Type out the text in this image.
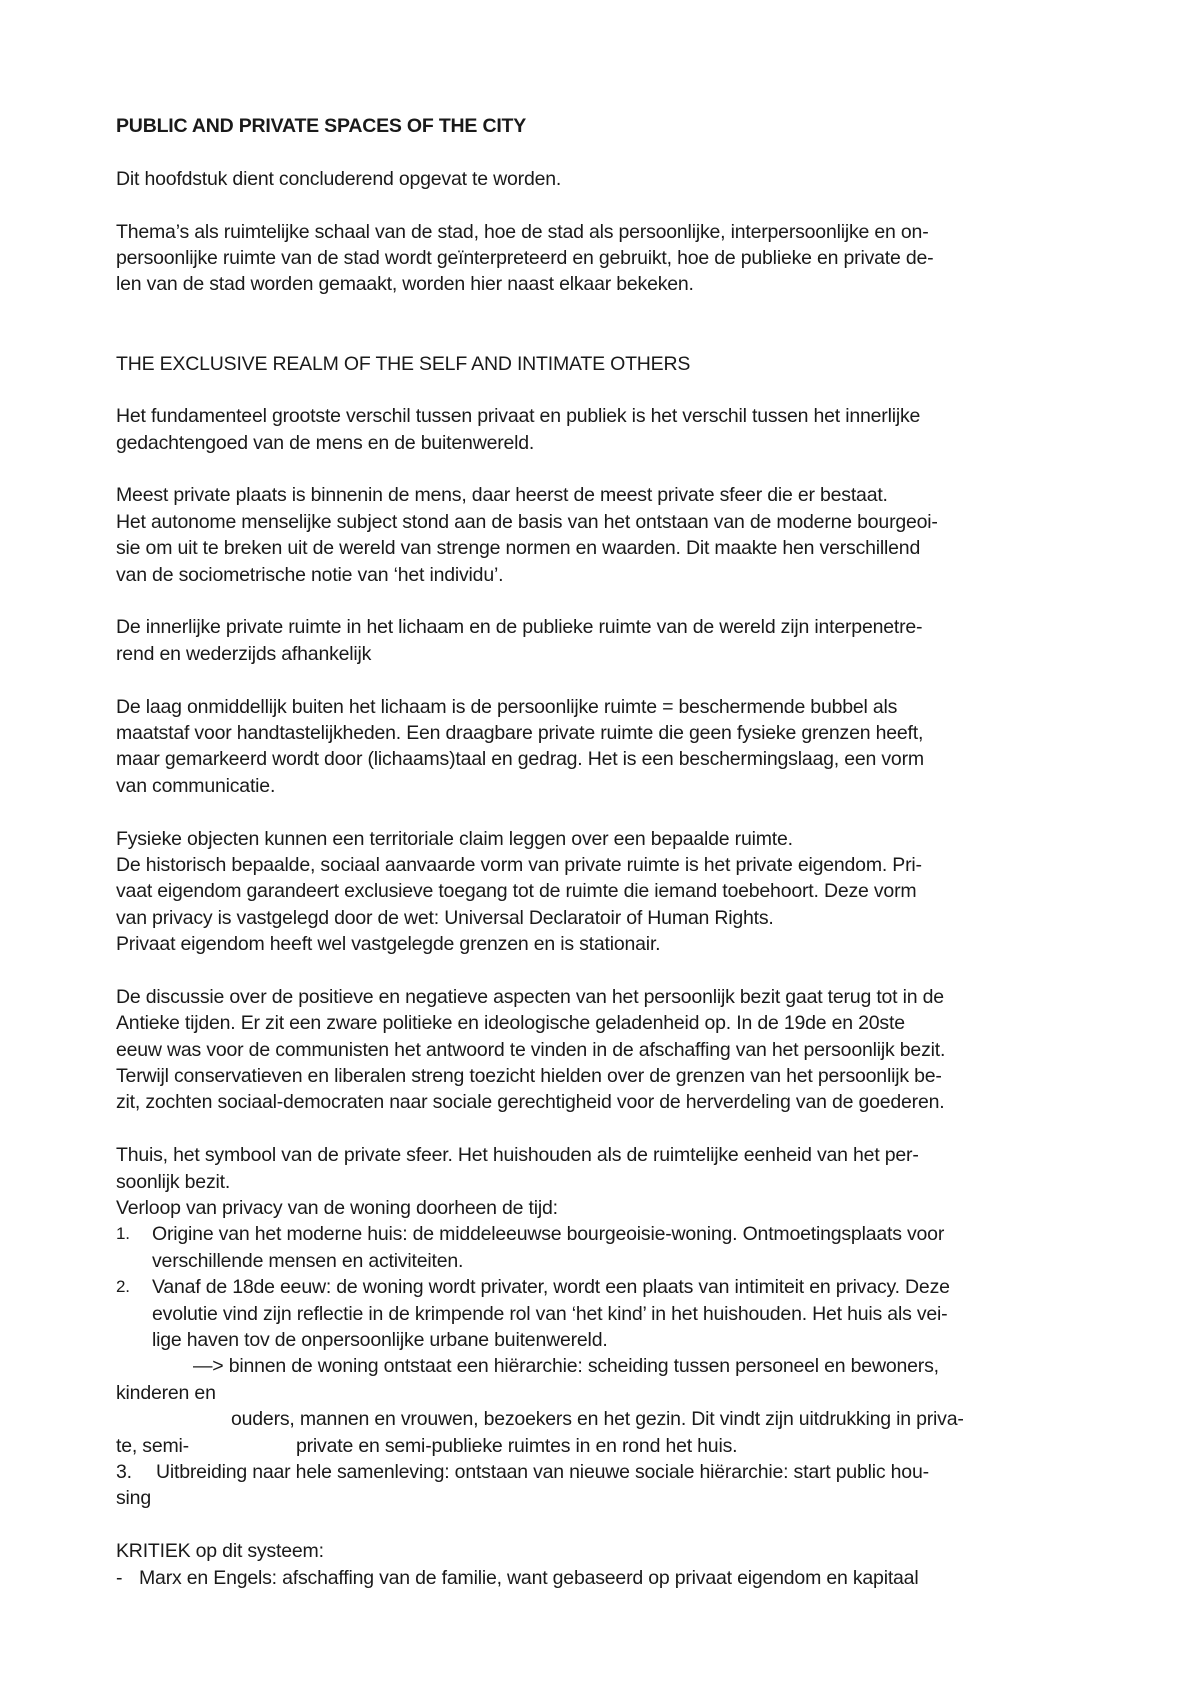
PUBLIC AND PRIVATE SPACES OF THE CITY
Dit hoofdstuk dient concluderend opgevat te worden.
Thema’s als ruimtelijke schaal van de stad, hoe de stad als persoonlijke, interpersoonlijke en on-
persoonlijke ruimte van de stad wordt geïnterpreteerd en gebruikt, hoe de publieke en private de-
len van de stad worden gemaakt, worden hier naast elkaar bekeken.
THE EXCLUSIVE REALM OF THE SELF AND INTIMATE OTHERS
Het fundamenteel grootste verschil tussen privaat en publiek is het verschil tussen het innerlijke
gedachtengoed van de mens en de buitenwereld.
Meest private plaats is binnenin de mens, daar heerst de meest private sfeer die er bestaat.
Het autonome menselijke subject stond aan de basis van het ontstaan van de moderne bourgeoi-
sie om uit te breken uit de wereld van strenge normen en waarden. Dit maakte hen verschillend
van de sociometrische notie van ‘het individu’.
De innerlijke private ruimte in het lichaam en de publieke ruimte van de wereld zijn interpenetre-
rend en wederzijds afhankelijk
De laag onmiddellijk buiten het lichaam is de persoonlijke ruimte = beschermende bubbel als
maatstaf voor handtastelijkheden. Een draagbare private ruimte die geen fysieke grenzen heeft,
maar gemarkeerd wordt door (lichaams)taal en gedrag. Het is een beschermingslaag, een vorm
van communicatie.
Fysieke objecten kunnen een territoriale claim leggen over een bepaalde ruimte.
De historisch bepaalde, sociaal aanvaarde vorm van private ruimte is het private eigendom. Pri-
vaat eigendom garandeert exclusieve toegang tot de ruimte die iemand toebehoort. Deze vorm
van privacy is vastgelegd door de wet: Universal Declaratoir of Human Rights.
Privaat eigendom heeft wel vastgelegde grenzen en is stationair.
De discussie over de positieve en negatieve aspecten van het persoonlijk bezit gaat terug tot in de
Antieke tijden. Er zit een zware politieke en ideologische geladenheid op. In de 19de en 20ste
eeuw was voor de communisten het antwoord te vinden in de afschaffing van het persoonlijk bezit.
Terwijl conservatieven en liberalen streng toezicht hielden over de grenzen van het persoonlijk be-
zit, zochten sociaal-democraten naar sociale gerechtigheid voor de herverdeling van de goederen.
Thuis, het symbool van de private sfeer. Het huishouden als de ruimtelijke eenheid van het per-
soonlijk bezit.
Verloop van privacy van de woning doorheen de tijd:
1. Origine van het moderne huis: de middeleeuwse bourgeoisie-woning. Ontmoetingsplaats voor
verschillende mensen en activiteiten.
2. Vanaf de 18de eeuw: de woning wordt privater, wordt een plaats van intimiteit en privacy. Deze
evolutie vind zijn reflectie in de krimpende rol van ‘het kind’ in het huishouden. Het huis als vei-
lige haven tov de onpersoonlijke urbane buitenwereld.
—> binnen de woning ontstaat een hiërarchie: scheiding tussen personeel en bewoners,
kinderen en
ouders, mannen en vrouwen, bezoekers en het gezin. Dit vindt zijn uitdrukking in priva-
te, semi-	private en semi-publieke ruimtes in en rond het huis.
3. Uitbreiding naar hele samenleving: ontstaan van nieuwe sociale hiërarchie: start public hou-
sing
KRITIEK op dit systeem:
- Marx en Engels: afschaffing van de familie, want gebaseerd op privaat eigendom en kapitaal
